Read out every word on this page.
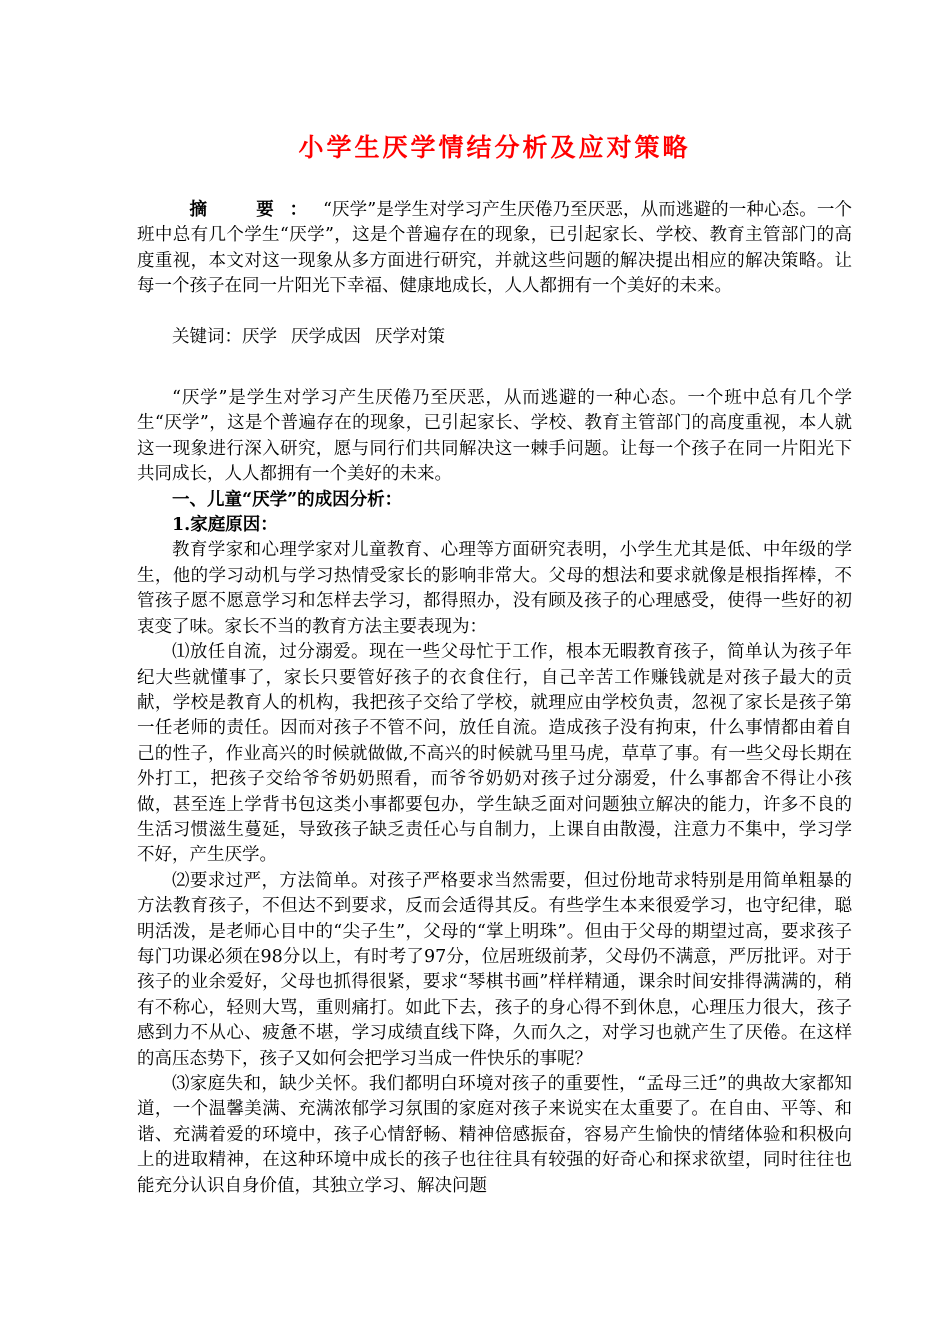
小学生厌学情结分析及应对策略

摘　要：“厌学”是学生对学习产生厌倦乃至厌恶，从而逃避的一种心态。一个班中总有几个学生“厌学”，这是个普遍存在的现象，已引起家长、学校、教育主管部门的高度重视，本文对这一现象从多方面进行研究，并就这些问题的解决提出相应的解决策略。让每一个孩子在同一片阳光下幸福、健康地成长，人人都拥有一个美好的未来。

关键词：厌学 厌学成因 厌学对策

“厌学”是学生对学习产生厌倦乃至厌恶，从而逃避的一种心态。一个班中总有几个学生“厌学”，这是个普遍存在的现象，已引起家长、学校、教育主管部门的高度重视，本人就这一现象进行深入研究，愿与同行们共同解决这一棘手问题。让每一个孩子在同一片阳光下共同成长，人人都拥有一个美好的未来。

一、儿童“厌学”的成因分析：

1.家庭原因：

教育学家和心理学家对儿童教育、心理等方面研究表明，小学生尤其是低、中年级的学生，他的学习动机与学习热情受家长的影响非常大。父母的想法和要求就像是根指挥棒，不管孩子愿不愿意学习和怎样去学习，都得照办，没有顾及孩子的心理感受，使得一些好的初衷变了味。家长不当的教育方法主要表现为：

⑴放任自流，过分溺爱。现在一些父母忙于工作，根本无暇教育孩子，简单认为孩子年纪大些就懂事了，家长只要管好孩子的衣食住行，自己辛苦工作赚钱就是对孩子最大的贡献，学校是教育人的机构，我把孩子交给了学校，就理应由学校负责，忽视了家长是孩子第一任老师的责任。因而对孩子不管不问，放任自流。造成孩子没有拘束，什么事情都由着自己的性子，作业高兴的时候就做做,不高兴的时候就马里马虎，草草了事。有一些父母长期在外打工，把孩子交给爷爷奶奶照看，而爷爷奶奶对孩子过分溺爱，什么事都舍不得让小孩做，甚至连上学背书包这类小事都要包办，学生缺乏面对问题独立解决的能力，许多不良的生活习惯滋生蔓延，导致孩子缺乏责任心与自制力，上课自由散漫，注意力不集中，学习学不好，产生厌学。

⑵要求过严，方法简单。对孩子严格要求当然需要，但过份地苛求特别是用简单粗暴的方法教育孩子，不但达不到要求，反而会适得其反。有些学生本来很爱学习，也守纪律，聪明活泼，是老师心目中的“尖子生”，父母的“掌上明珠”。但由于父母的期望过高，要求孩子每门功课必须在98分以上，有时考了97分，位居班级前茅，父母仍不满意，严厉批评。对于孩子的业余爱好，父母也抓得很紧，要求“琴棋书画”样样精通，课余时间安排得满满的，稍有不称心，轻则大骂，重则痛打。如此下去，孩子的身心得不到休息，心理压力很大，孩子感到力不从心、疲惫不堪，学习成绩直线下降，久而久之，对学习也就产生了厌倦。在这样的高压态势下，孩子又如何会把学习当成一件快乐的事呢？

⑶家庭失和，缺少关怀。我们都明白环境对孩子的重要性，“孟母三迁”的典故大家都知道，一个温馨美满、充满浓郁学习氛围的家庭对孩子来说实在太重要了。在自由、平等、和谐、充满着爱的环境中，孩子心情舒畅、精神倍感振奋，容易产生愉快的情绪体验和积极向上的进取精神，在这种环境中成长的孩子也往往具有较强的好奇心和探求欲望，同时往往也能充分认识自身价值，其独立学习、解决问题
